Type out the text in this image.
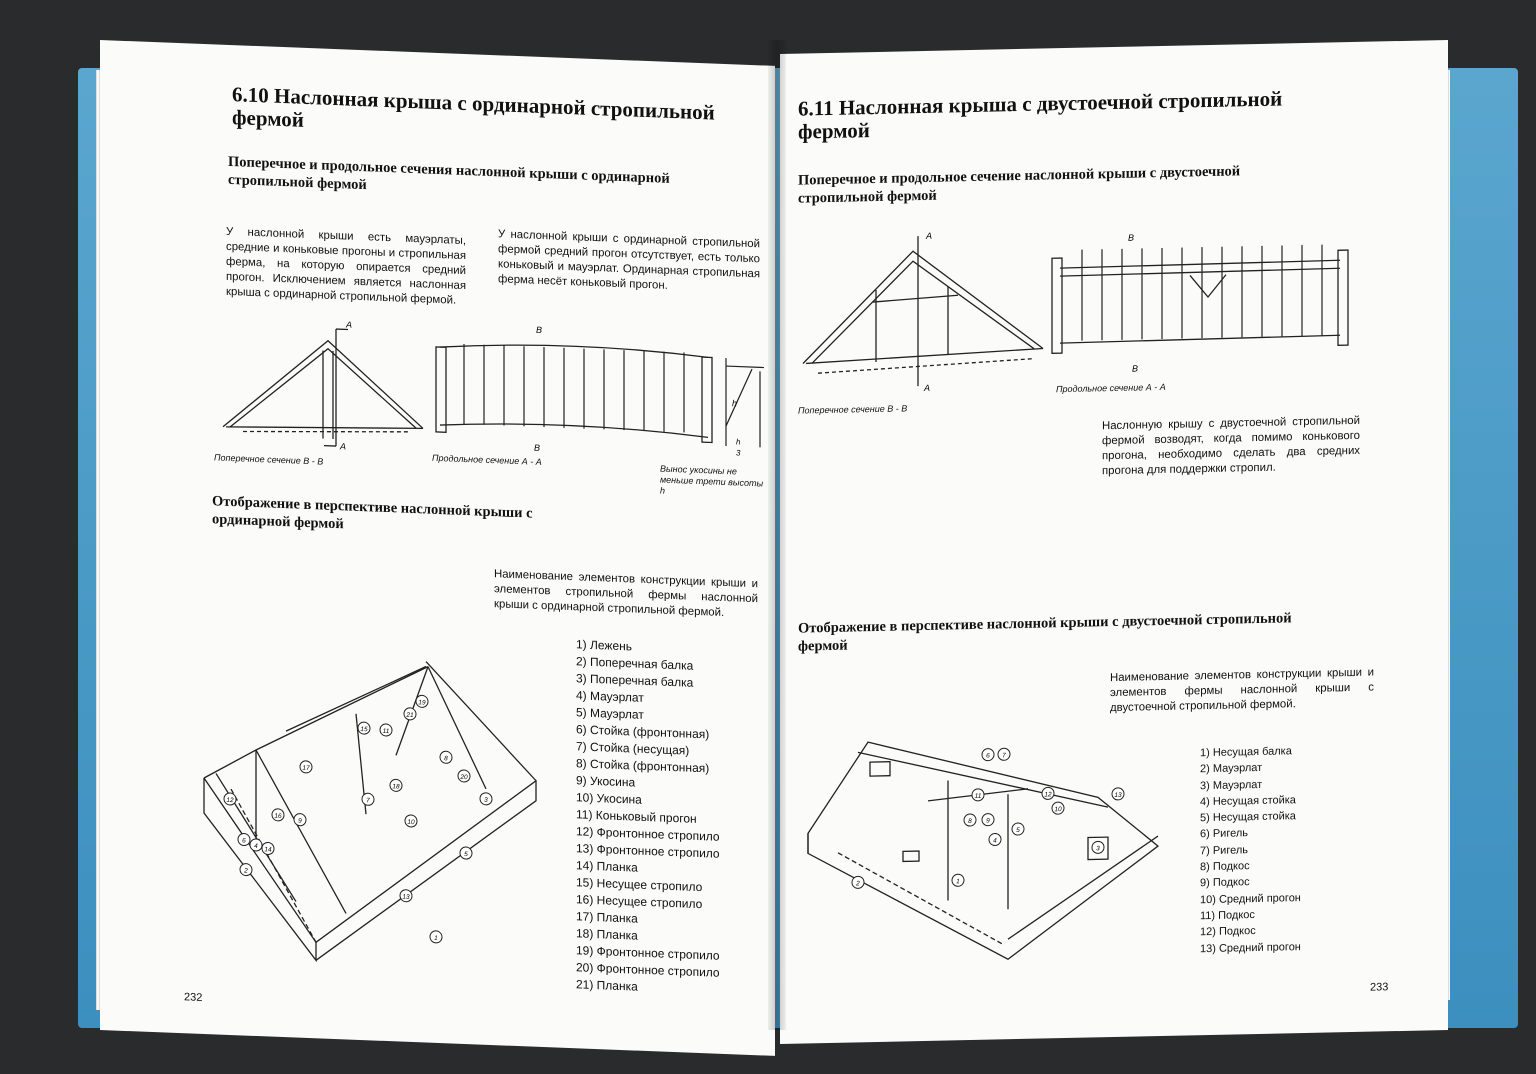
6.10 Наслонная крыша с ординарной стропильной фермой
Поперечное и продольное сечения наслонной крыши с ординарной стропильной фермой

У наслонной крыши есть мауэрлаты, средние и коньковые прогоны и стропильная ферма, на которую опирается средний прогон. Исключением является наслонная крыша с ординарной стропильной фермой.

У наслонной крыши с ординарной стропильной фермой средний прогон отсутствует, есть только коньковый и мауэрлат. Ординарная стропильная ферма несёт коньковый прогон.

A
A
Поперечное сечение В - В
B
B
Продольное сечение А - А
h
h
3
Вынос укосины не меньше трети высоты h
Отображение в перспективе наслонной крыши с ординарной фермой

Наименование элементов конструкции крыши и элементов стропильной фермы наслонной крыши с ординарной стропильной фермой.

1) Лежень
2) Поперечная балка
3) Поперечная балка
4) Мауэрлат
5) Мауэрлат
6) Стойка (фронтонная)
7) Стойка (несущая)
8) Стойка (фронтонная)
9) Укосина
10) Укосина
11) Коньковый прогон
12) Фронтонное стропило
13) Фронтонное стропило
14) Планка
15) Несущее стропило
16) Несущее стропило
17) Планка
18) Планка
19) Фронтонное стропило
20) Фронтонное стропило
21) Планка
1
2
3
4
5
6
7
8
9	10
11
12
13
14
15
16
17
18
19
20
21
232
6.11 Наслонная крыша с двустоечной стропильной фермой
Поперечное и продольное сечение наслонной крыши с двустоечной стропильной фермой
A
A
Поперечное сечение В - В
B
B
Продольное сечение А - А

Наслонную крышу с двустоечной стропильной фермой возводят, когда помимо конькового прогона, необходимо сделать два средних прогона для поддержки стропил.

Отображение в перспективе наслонной крыши с двустоечной стропильной фермой

Наименование элементов конструкции крыши и элементов фермы наслонной крыши с двустоечной стропильной фермой.

1) Несущая балка
2) Мауэрлат
3) Мауэрлат
4) Несущая стойка
5) Несущая стойка
6) Ригель
7) Ригель
8) Подкос
9) Подкос
10) Средний прогон
11) Подкос
12) Подкос
13) Средний прогон
1
2
3
4
5
6 7
8 9
10
11	12	13
233
